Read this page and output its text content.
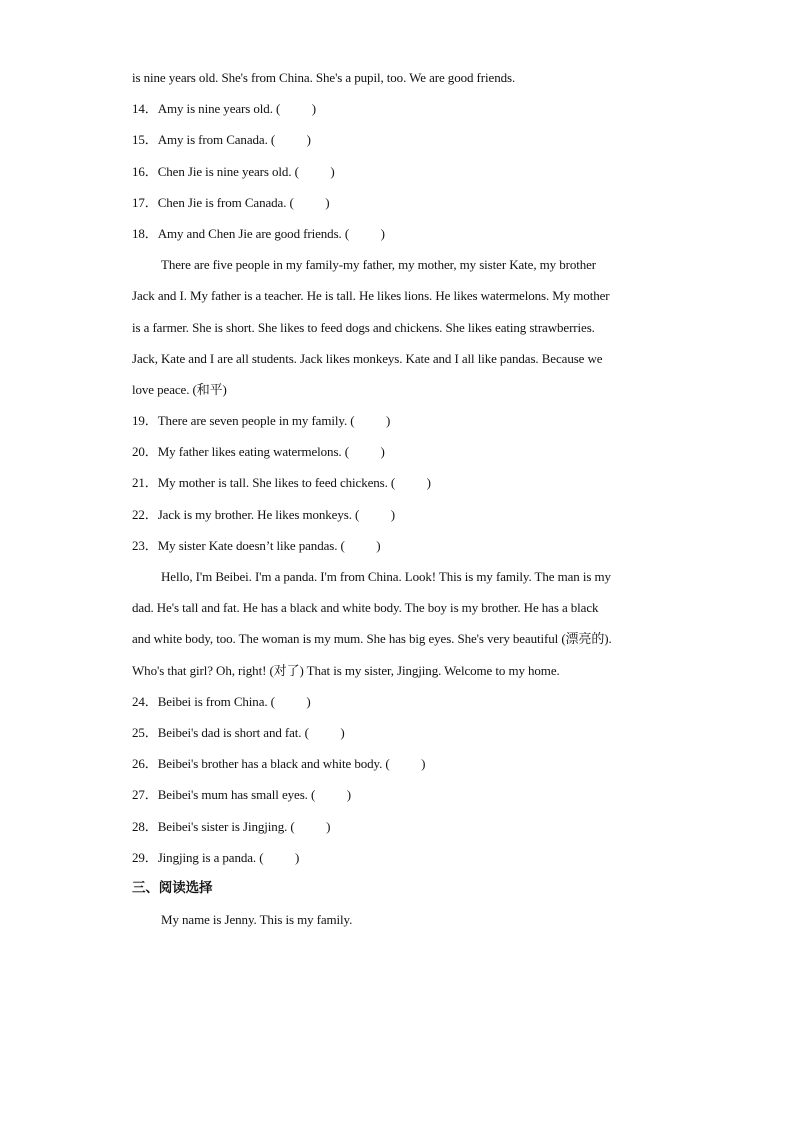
is nine years old. She's from China. She's a pupil, too. We are good friends.
14．Amy is nine years old. (          )
15．Amy is from Canada. (          )
16．Chen Jie is nine years old. (          )
17．Chen Jie is from Canada. (          )
18．Amy and Chen Jie are good friends. (          )
There are five people in my family-my father, my mother, my sister Kate, my brother
Jack and I. My father is a teacher. He is tall. He likes lions. He likes watermelons. My mother
is a farmer. She is short. She likes to feed dogs and chickens. She likes eating strawberries.
Jack, Kate and I are all students. Jack likes monkeys. Kate and I all like pandas. Because we
love peace. (和平)
19．There are seven people in my family. (          )
20．My father likes eating watermelons. (          )
21．My mother is tall. She likes to feed chickens. (          )
22．Jack is my brother. He likes monkeys. (          )
23．My sister Kate doesn’t like pandas. (          )
Hello, I'm Beibei. I'm a panda. I'm from China. Look! This is my family. The man is my
dad. He's tall and fat. He has a black and white body. The boy is my brother. He has a black
and white body, too. The woman is my mum. She has big eyes. She's very beautiful (漂亮的).
Who's that girl? Oh, right! (对了) That is my sister, Jingjing. Welcome to my home.
24．Beibei is from China. (          )
25．Beibei's dad is short and fat. (          )
26．Beibei's brother has a black and white body. (          )
27．Beibei's mum has small eyes. (          )
28．Beibei's sister is Jingjing. (          )
29．Jingjing is a panda. (          )
三、阅读选择
My name is Jenny. This is my family.
